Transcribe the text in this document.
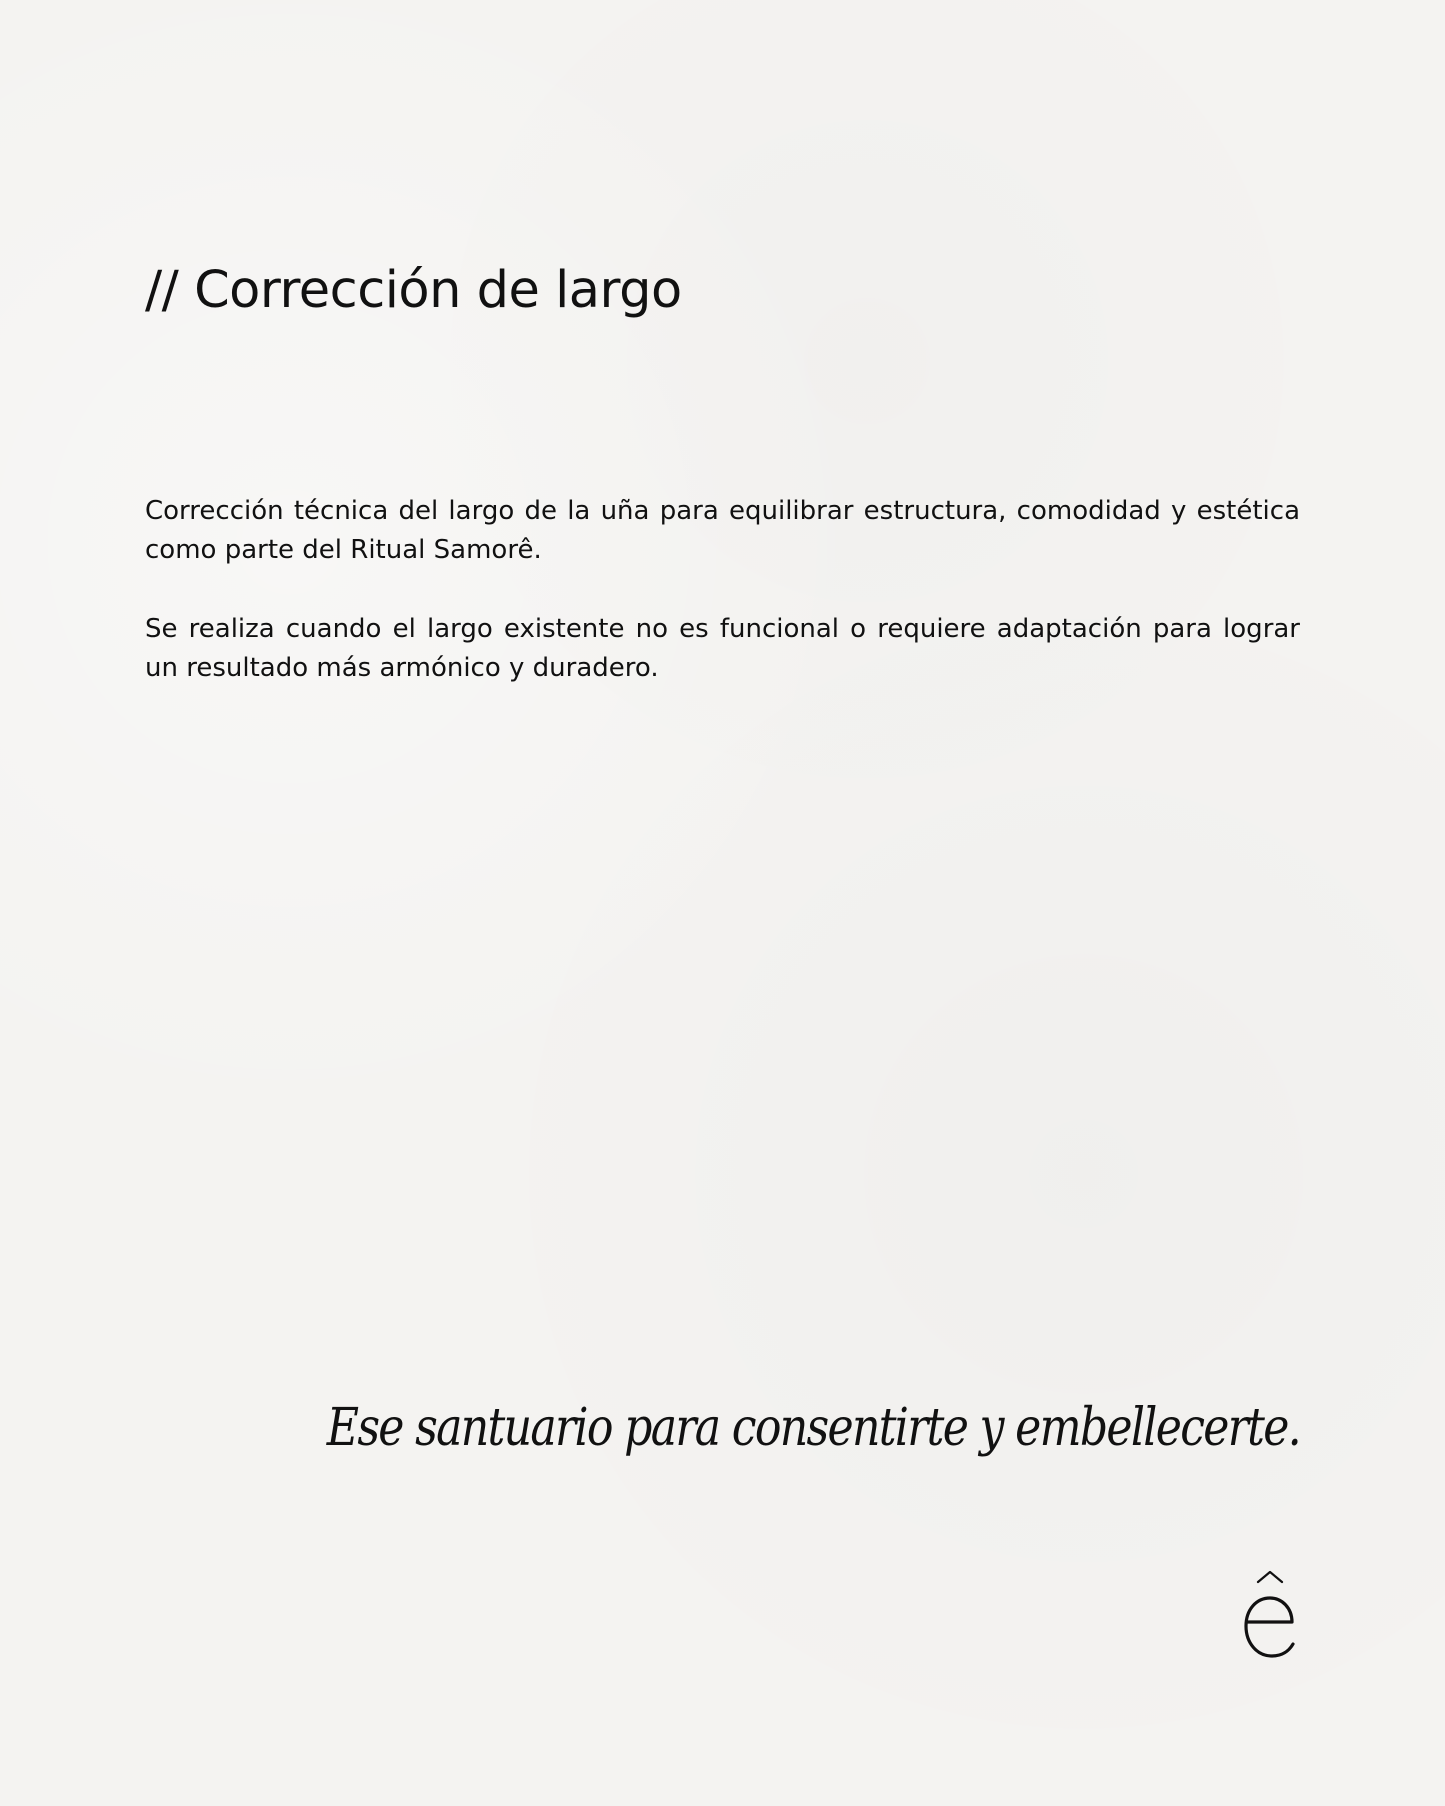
// Corrección de largo

Corrección técnica del largo de la uña para equilibrar estructura, comodidad y estética como parte del Ritual Samorê.

Se realiza cuando el largo existente no es funcional o requiere adaptación para lograr un resultado más armónico y duradero.

Ese santuario para consentirte y embellecerte.
